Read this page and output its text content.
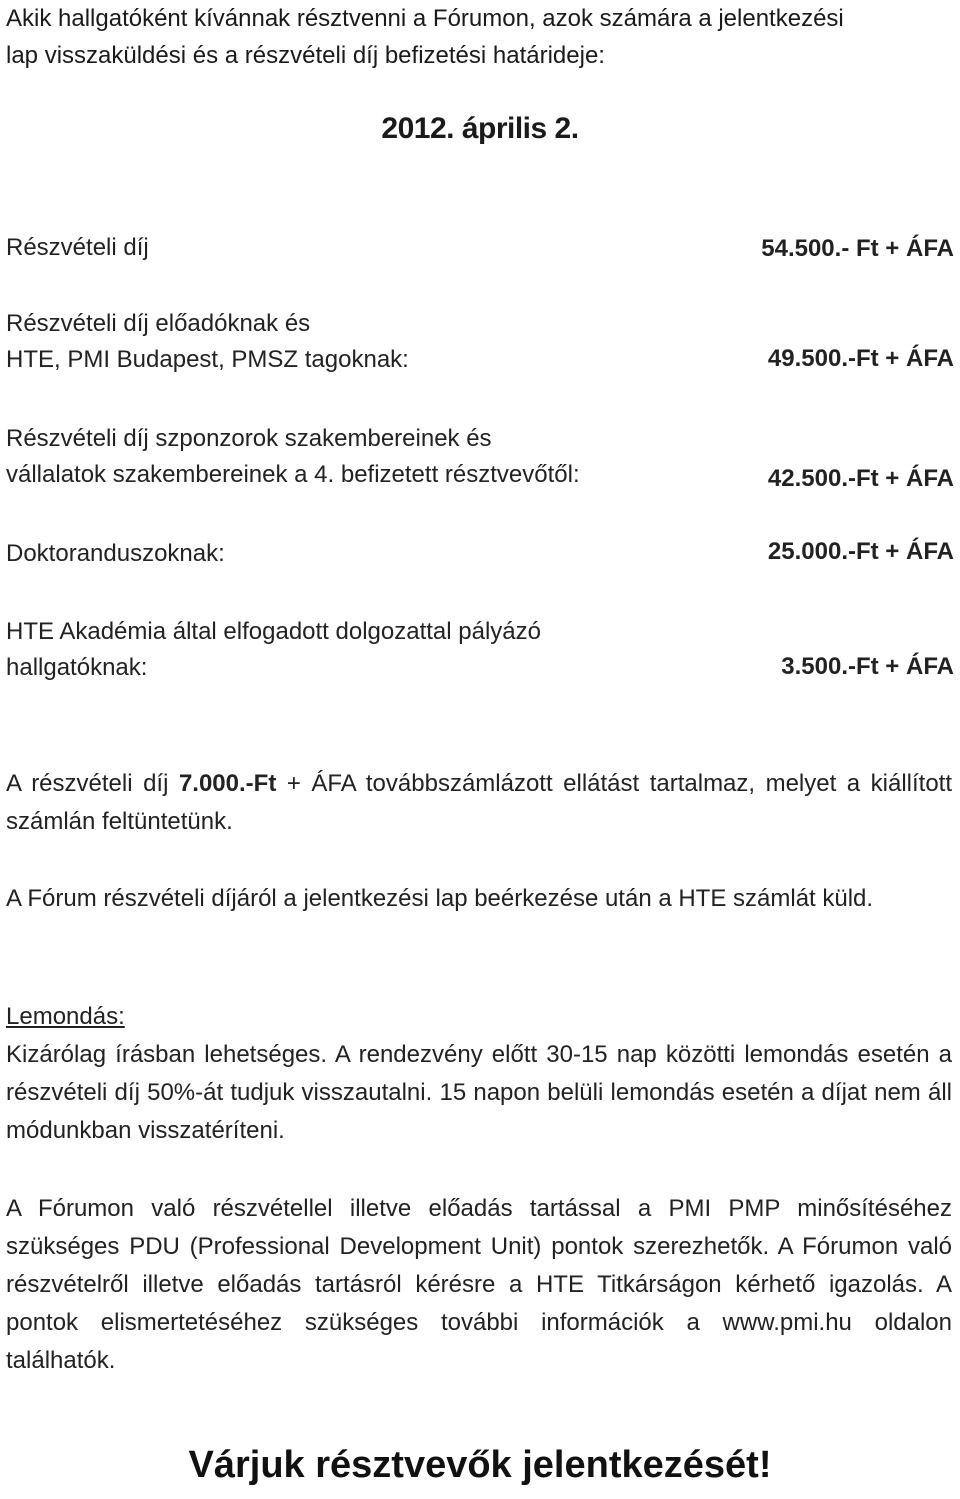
Akik hallgatóként kívánnak résztvenni a Fórumon, azok számára a jelentkezési
lap visszaküldési és a részvételi díj befizetési határideje:
2012. április 2.
Részvételi díj	54.500.- Ft + ÁFA
Részvételi díj előadóknak és
HTE, PMI Budapest, PMSZ tagoknak:	49.500.-Ft + ÁFA
Részvételi díj szponzorok szakembereinek és
vállalatok szakembereinek a 4. befizetett résztvevőtől:	42.500.-Ft + ÁFA
Doktoranduszoknak:	25.000.-Ft + ÁFA
HTE Akadémia által elfogadott dolgozattal pályázó
hallgatóknak:	3.500.-Ft + ÁFA
A részvételi díj 7.000.-Ft + ÁFA továbbszámlázott ellátást tartalmaz, melyet a kiállított számlán feltüntetünk.
A Fórum részvételi díjáról a jelentkezési lap beérkezése után a HTE számlát küld.
Lemondás:
Kizárólag írásban lehetséges. A rendezvény előtt 30-15 nap közötti lemondás esetén a részvételi díj 50%-át tudjuk visszautalni. 15 napon belüli lemondás esetén a díjat nem áll módunkban visszatéríteni.
A Fórumon való részvétellel illetve előadás tartással a PMI PMP minősítéséhez szükséges PDU (Professional Development Unit) pontok szerezhetők. A Fórumon való részvételről illetve előadás tartásról kérésre a HTE Titkárságon kérhető igazolás. A pontok elismertetéséhez szükséges további információk a www.pmi.hu oldalon találhatók.
Várjuk résztvevők jelentkezését!
